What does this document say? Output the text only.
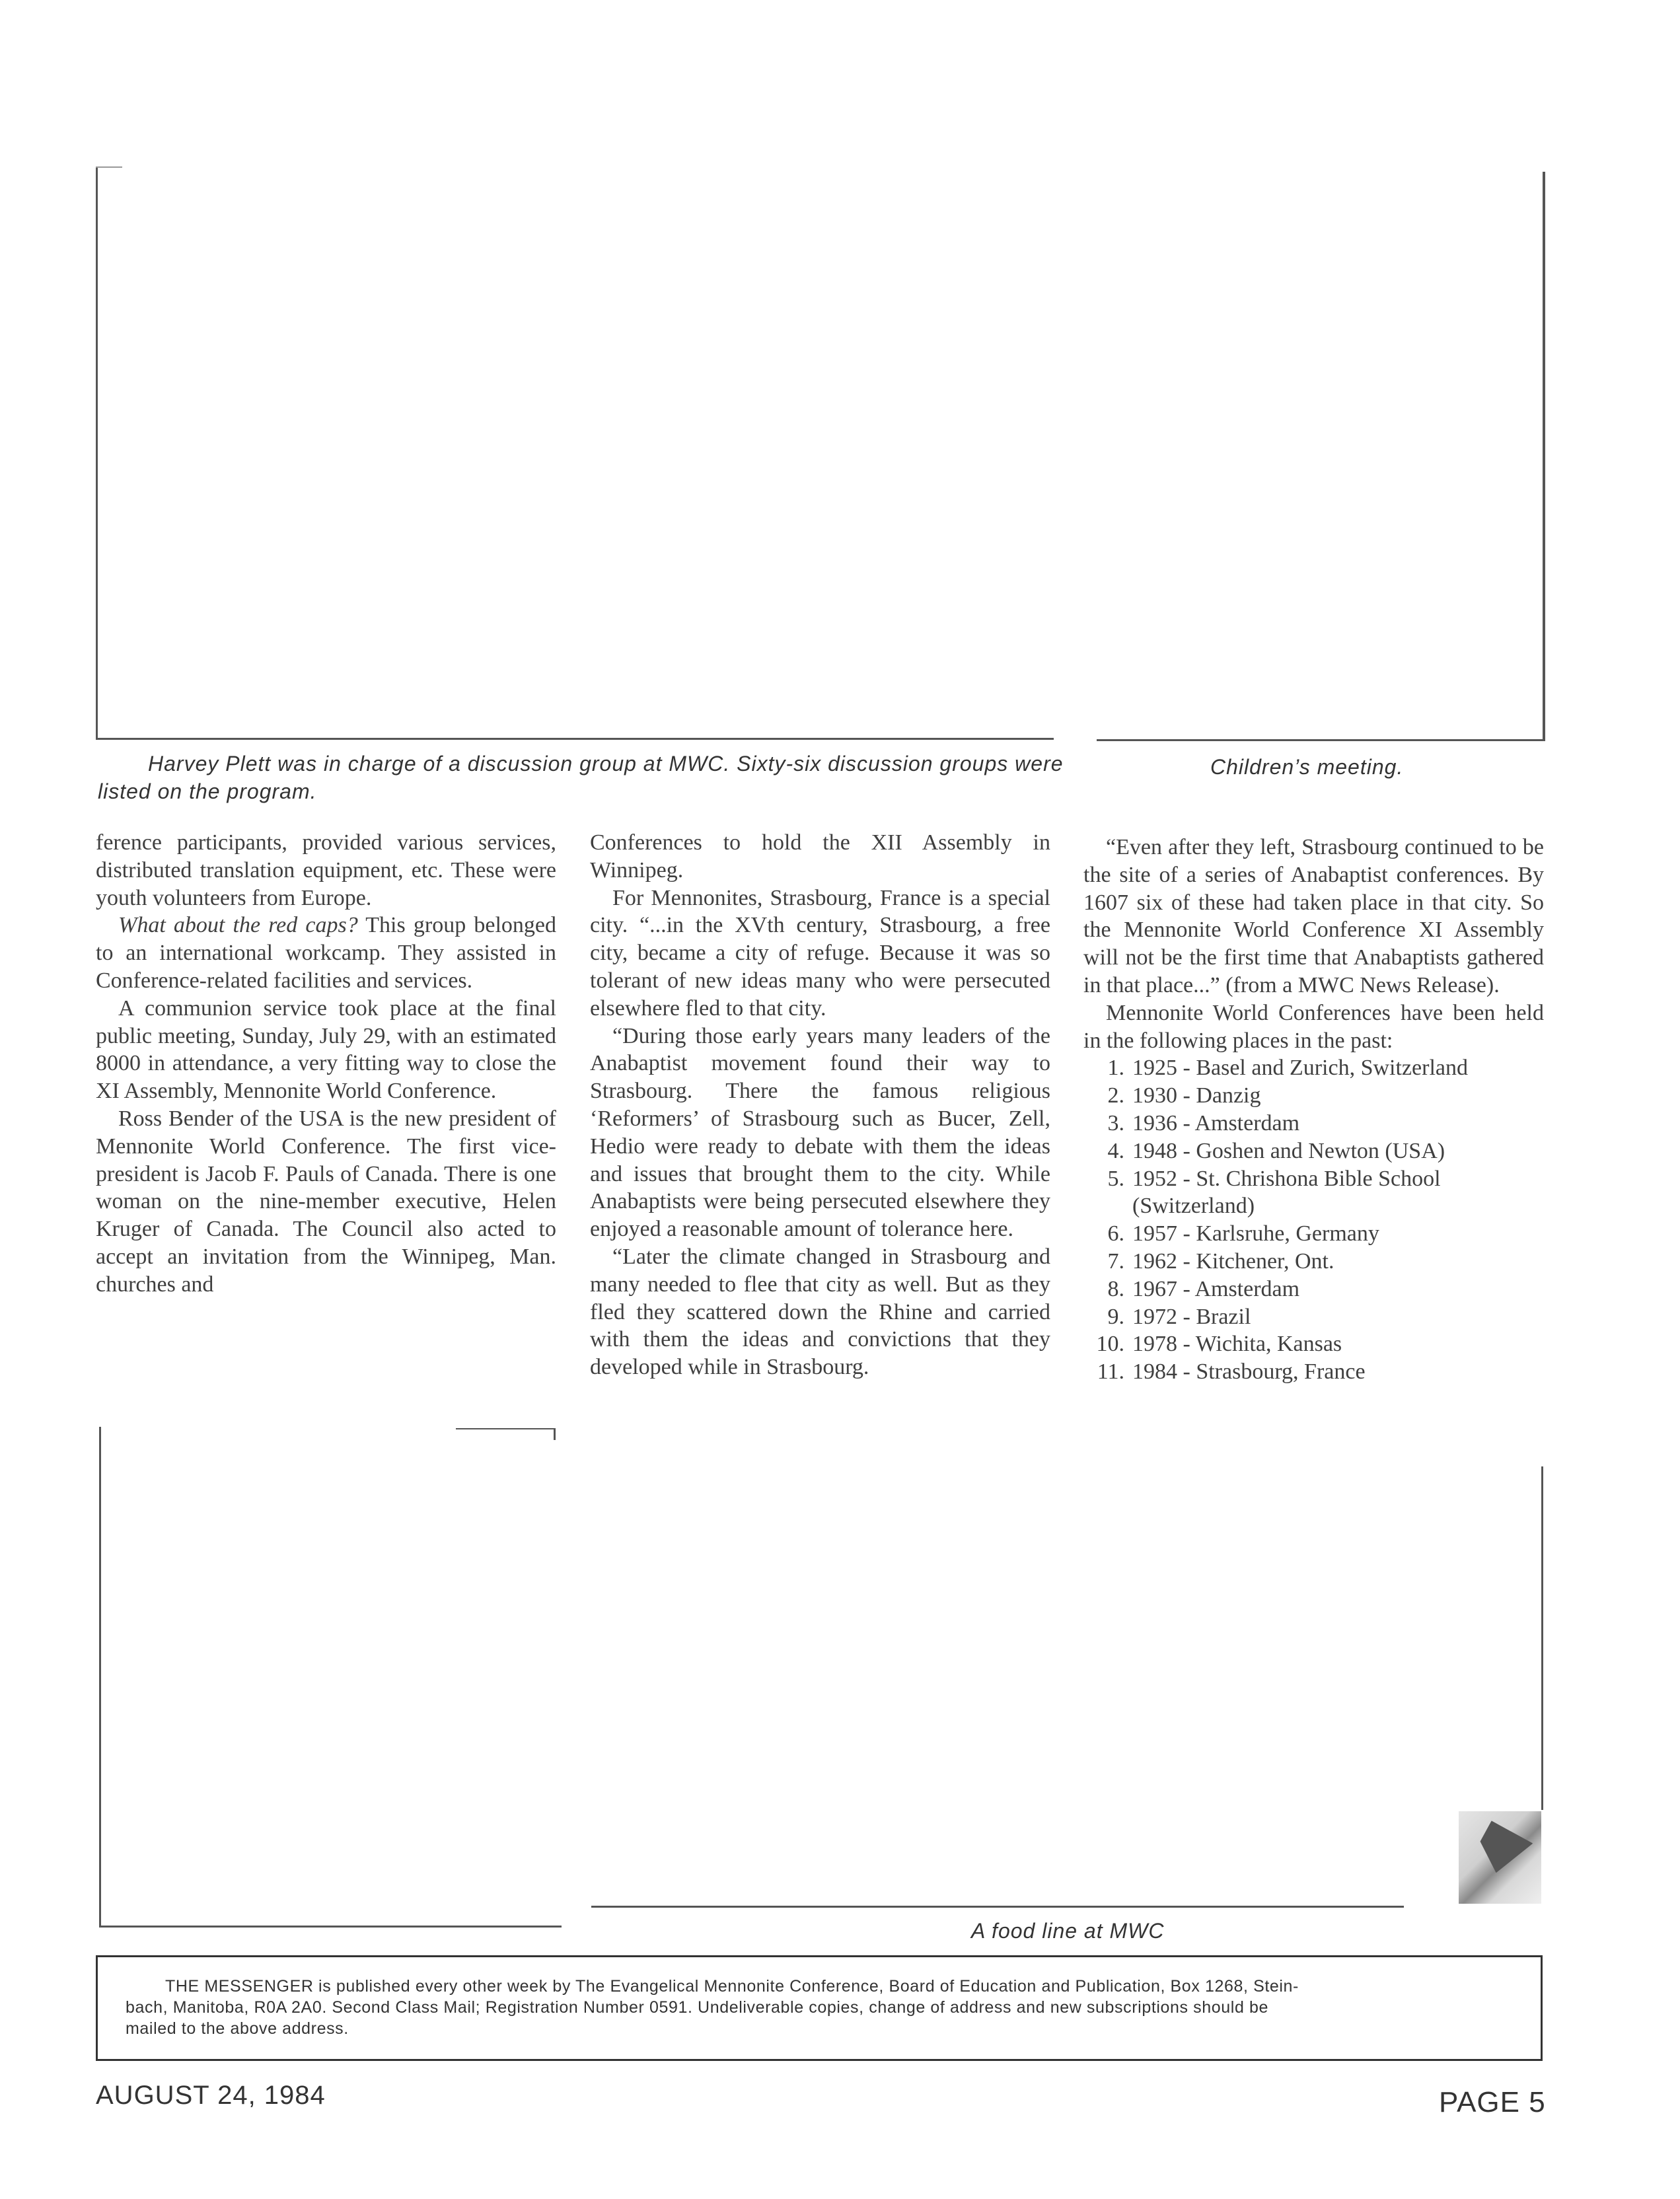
Harvey Plett was in charge of a discussion group at MWC. Sixty-six discussion groups were listed on the program.
Children’s meeting.

ference participants, provided various services, distributed translation equipment, etc. These were youth volunteers from Europe.

What about the red caps? This group belonged to an international workcamp. They assisted in Conference-related facilities and services.

A communion service took place at the final public meeting, Sunday, July 29, with an estimated 8000 in attendance, a very fitting way to close the XI Assembly, Mennonite World Conference.

Ross Bender of the USA is the new president of Mennonite World Conference. The first vice-president is Jacob F. Pauls of Canada. There is one woman on the nine-member executive, Helen Kruger of Canada. The Council also acted to accept an invitation from the Winnipeg, Man. churches and

Conferences to hold the XII Assembly in Winnipeg.

For Mennonites, Strasbourg, France is a special city. “...in the XVth century, Strasbourg, a free city, became a city of refuge. Because it was so tolerant of new ideas many who were persecuted elsewhere fled to that city.

“During those early years many leaders of the Anabaptist movement found their way to Strasbourg. There the famous religious ‘Reformers’ of Strasbourg such as Bucer, Zell, Hedio were ready to debate with them the ideas and issues that brought them to the city. While Anabaptists were being persecuted elsewhere they enjoyed a reasonable amount of tolerance here.

“Later the climate changed in Strasbourg and many needed to flee that city as well. But as they fled they scattered down the Rhine and carried with them the ideas and convictions that they developed while in Strasbourg.

“Even after they left, Strasbourg continued to be the site of a series of Anabaptist conferences. By 1607 six of these had taken place in that city. So the Mennonite World Conference XI Assembly will not be the first time that Anabaptists gathered in that place...” (from a MWC News Release).

Mennonite World Conferences have been held in the following places in the past:

1. 1925 - Basel and Zurich, Switzerland
2. 1930 - Danzig
3. 1936 - Amsterdam
4. 1948 - Goshen and Newton (USA)
5. 1952 - St. Chrishona Bible School
(Switzerland)
6. 1957 - Karlsruhe, Germany
7. 1962 - Kitchener, Ont.
8. 1967 - Amsterdam
9. 1972 - Brazil
10. 1978 - Wichita, Kansas
11. 1984 - Strasbourg, France
A food line at MWC
THE MESSENGER is published every other week by The Evangelical Mennonite Conference, Board of Education and Publication, Box 1268, Stein-
bach, Manitoba, R0A 2A0. Second Class Mail; Registration Number 0591. Undeliverable copies, change of address and new subscriptions should be
mailed to the above address.
AUGUST 24, 1984	PAGE 5
